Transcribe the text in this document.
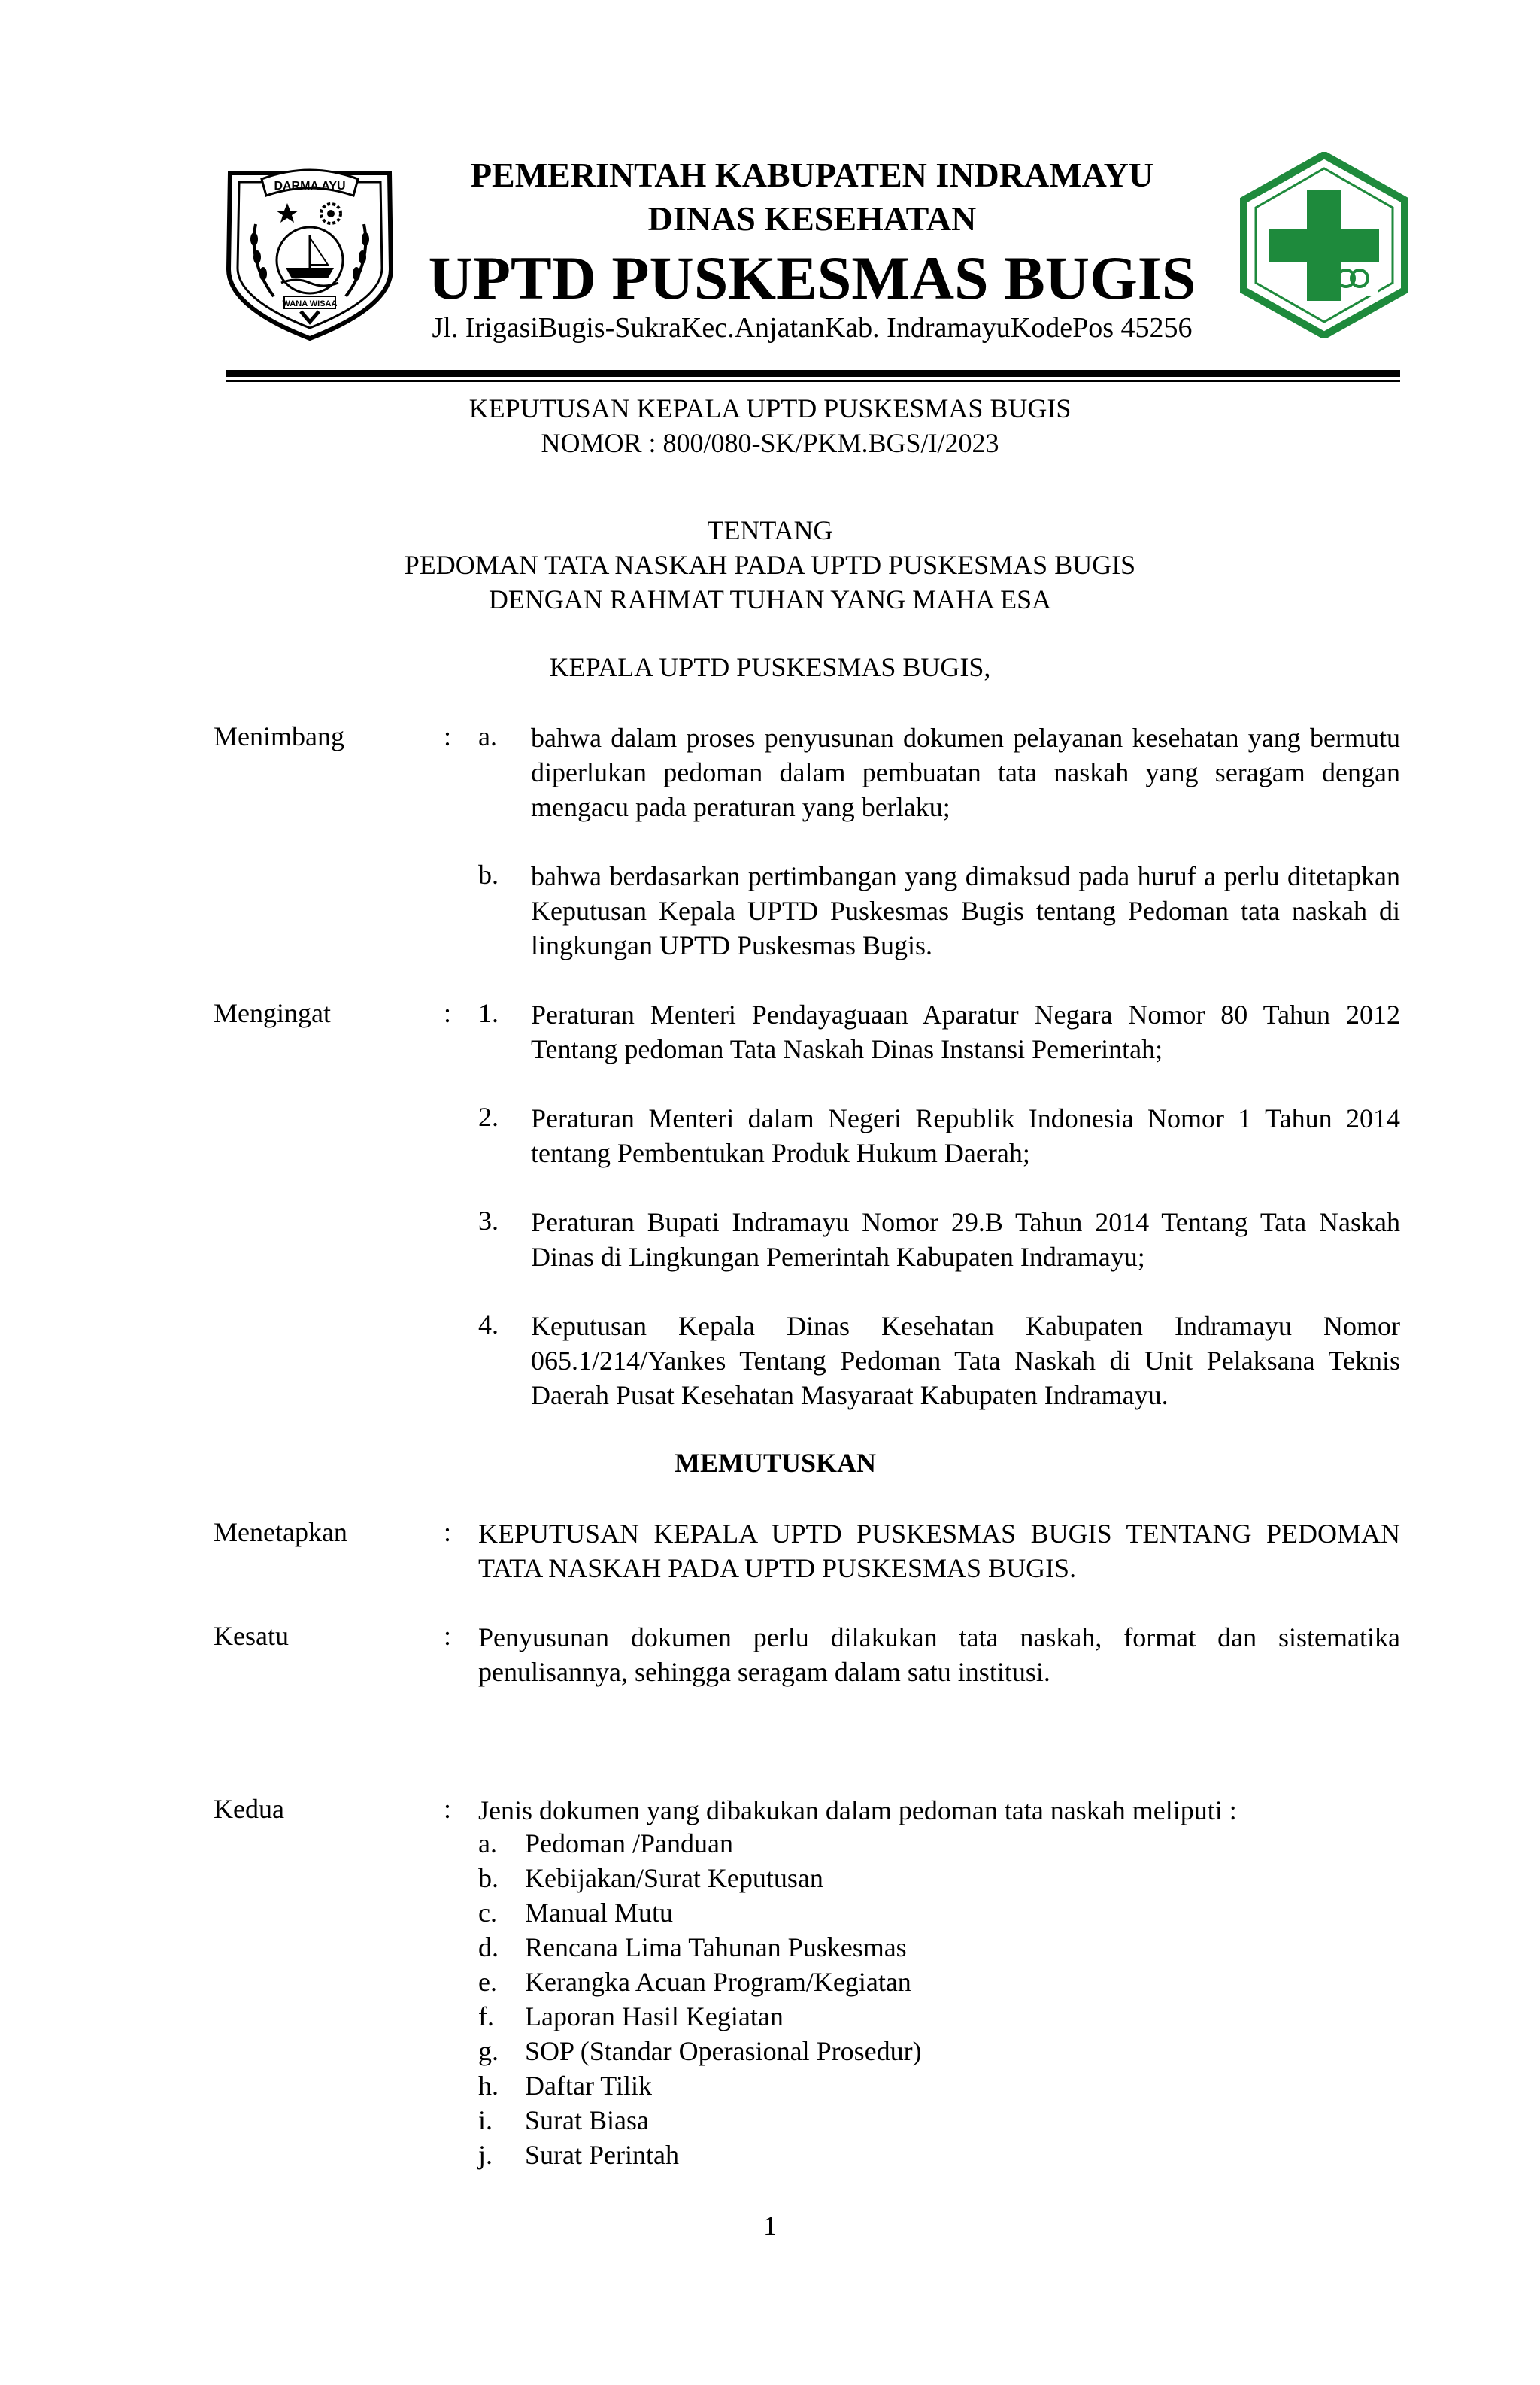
DARMA AYU
WANA WISAA
PEMERINTAH KABUPATEN INDRAMAYU
DINAS KESEHATAN
UPTD PUSKESMAS BUGIS
Jl. IrigasiBugis-SukraKec.AnjatanKab. IndramayuKodePos 45256
KEPUTUSAN KEPALA UPTD PUSKESMAS BUGIS
NOMOR : 800/080-SK/PKM.BGS/I/2023
TENTANG
PEDOMAN TATA NASKAH PADA UPTD PUSKESMAS BUGIS
DENGAN RAHMAT TUHAN YANG MAHA ESA
KEPALA UPTD PUSKESMAS BUGIS,
Menimbang	: a. bahwa dalam proses penyusunan dokumen pelayanan kesehatan yang bermutu diperlukan pedoman dalam pembuatan tata naskah yang seragam dengan mengacu pada peraturan yang berlaku;
b. bahwa berdasarkan pertimbangan yang dimaksud pada huruf a perlu ditetapkan Keputusan Kepala UPTD Puskesmas Bugis tentang Pedoman tata naskah di lingkungan UPTD Puskesmas Bugis.
Mengingat	: 1. Peraturan Menteri Pendayaguaan Aparatur Negara Nomor 80 Tahun 2012 Tentang pedoman Tata Naskah Dinas Instansi Pemerintah;
2. Peraturan Menteri dalam Negeri Republik Indonesia Nomor 1 Tahun 2014 tentang Pembentukan Produk Hukum Daerah;
3. Peraturan Bupati Indramayu Nomor 29.B Tahun 2014 Tentang Tata Naskah Dinas di Lingkungan Pemerintah Kabupaten Indramayu;
4. Keputusan Kepala Dinas Kesehatan Kabupaten Indramayu Nomor 065.1/214/Yankes Tentang Pedoman Tata Naskah di Unit Pelaksana Teknis Daerah Pusat Kesehatan Masyaraat Kabupaten Indramayu.
MEMUTUSKAN
Menetapkan	: KEPUTUSAN KEPALA UPTD PUSKESMAS BUGIS TENTANG PEDOMAN TATA NASKAH PADA UPTD PUSKESMAS BUGIS.
Kesatu	: Penyusunan dokumen perlu dilakukan tata naskah, format dan sistematika penulisannya, sehingga seragam dalam satu institusi.
Kedua	: Jenis dokumen yang dibakukan dalam pedoman tata naskah meliputi :
a. Pedoman /Panduan
b. Kebijakan/Surat Keputusan
c. Manual Mutu
d. Rencana Lima Tahunan Puskesmas
e. Kerangka Acuan Program/Kegiatan
f. Laporan Hasil Kegiatan
g. SOP (Standar Operasional Prosedur)
h. Daftar Tilik
i. Surat Biasa
j. Surat Perintah
1
